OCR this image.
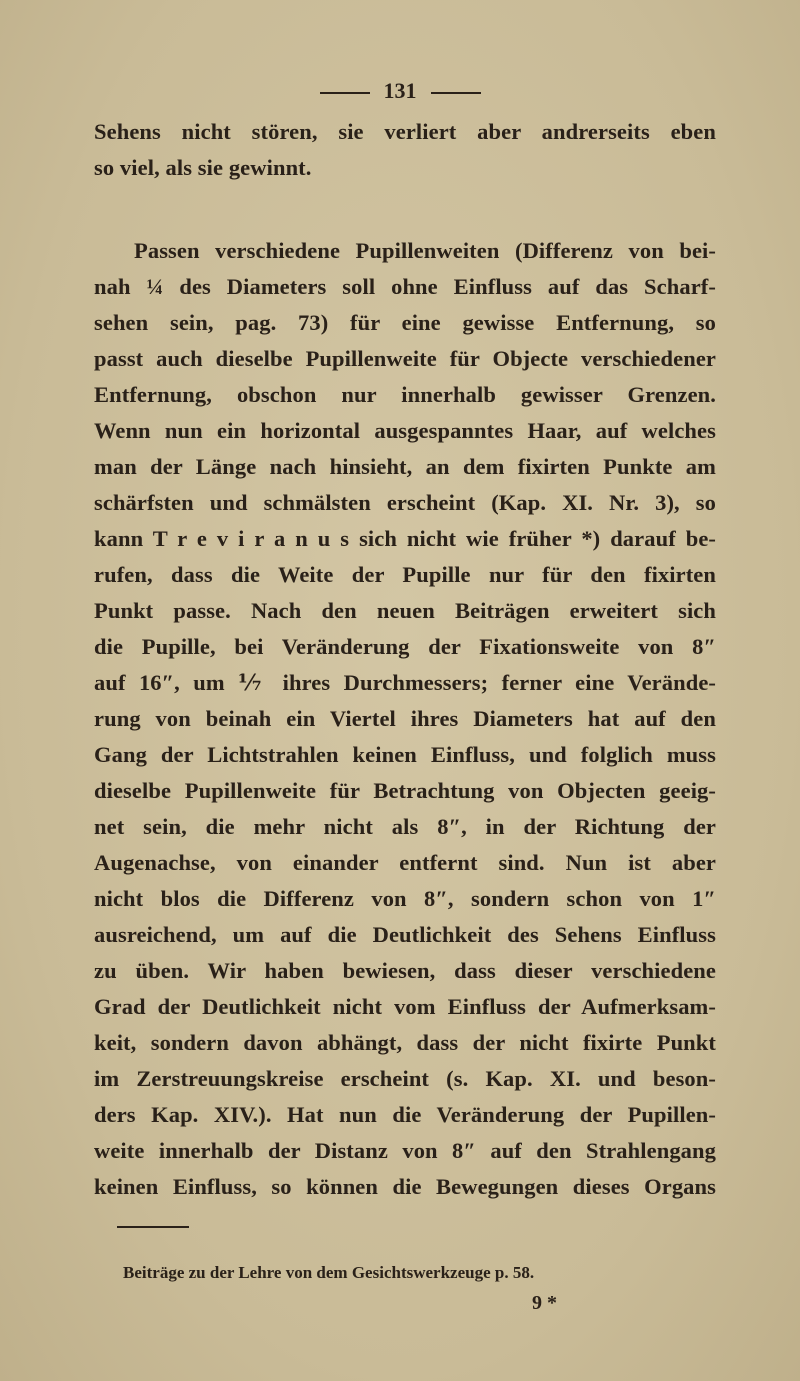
131
Sehens nicht stören, sie verliert aber andrerseits eben
so viel, als sie gewinnt.
Passen verschiedene Pupillenweiten (Differenz von bei-
nah ¼ des Diameters soll ohne Einfluss auf das Scharf-
sehen sein, pag. 73) für eine gewisse Entfernung, so
passt auch dieselbe Pupillenweite für Objecte verschiedener
Entfernung, obschon nur innerhalb gewisser Grenzen.
Wenn nun ein horizontal ausgespanntes Haar, auf welches
man der Länge nach hinsieht, an dem fixirten Punkte am
schärfsten und schmälsten erscheint (Kap. XI. Nr. 3), so
kann T r e v i r a n u s sich nicht wie früher *) darauf be-
rufen, dass die Weite der Pupille nur für den fixirten
Punkt passe. Nach den neuen Beiträgen erweitert sich
die Pupille, bei Veränderung der Fixationsweite von 8″
auf 16″, um ⅐ ihres Durchmessers; ferner eine Verände-
rung von beinah ein Viertel ihres Diameters hat auf den
Gang der Lichtstrahlen keinen Einfluss, und folglich muss
dieselbe Pupillenweite für Betrachtung von Objecten geeig-
net sein, die mehr nicht als 8″, in der Richtung der
Augenachse, von einander entfernt sind. Nun ist aber
nicht blos die Differenz von 8″, sondern schon von 1″
ausreichend, um auf die Deutlichkeit des Sehens Einfluss
zu üben. Wir haben bewiesen, dass dieser verschiedene
Grad der Deutlichkeit nicht vom Einfluss der Aufmerksam-
keit, sondern davon abhängt, dass der nicht fixirte Punkt
im Zerstreuungskreise erscheint (s. Kap. XI. und beson-
ders Kap. XIV.). Hat nun die Veränderung der Pupillen-
weite innerhalb der Distanz von 8″ auf den Strahlengang
keinen Einfluss, so können die Bewegungen dieses Organs
Beiträge zu der Lehre von dem Gesichtswerkzeuge p. 58.
9 *
